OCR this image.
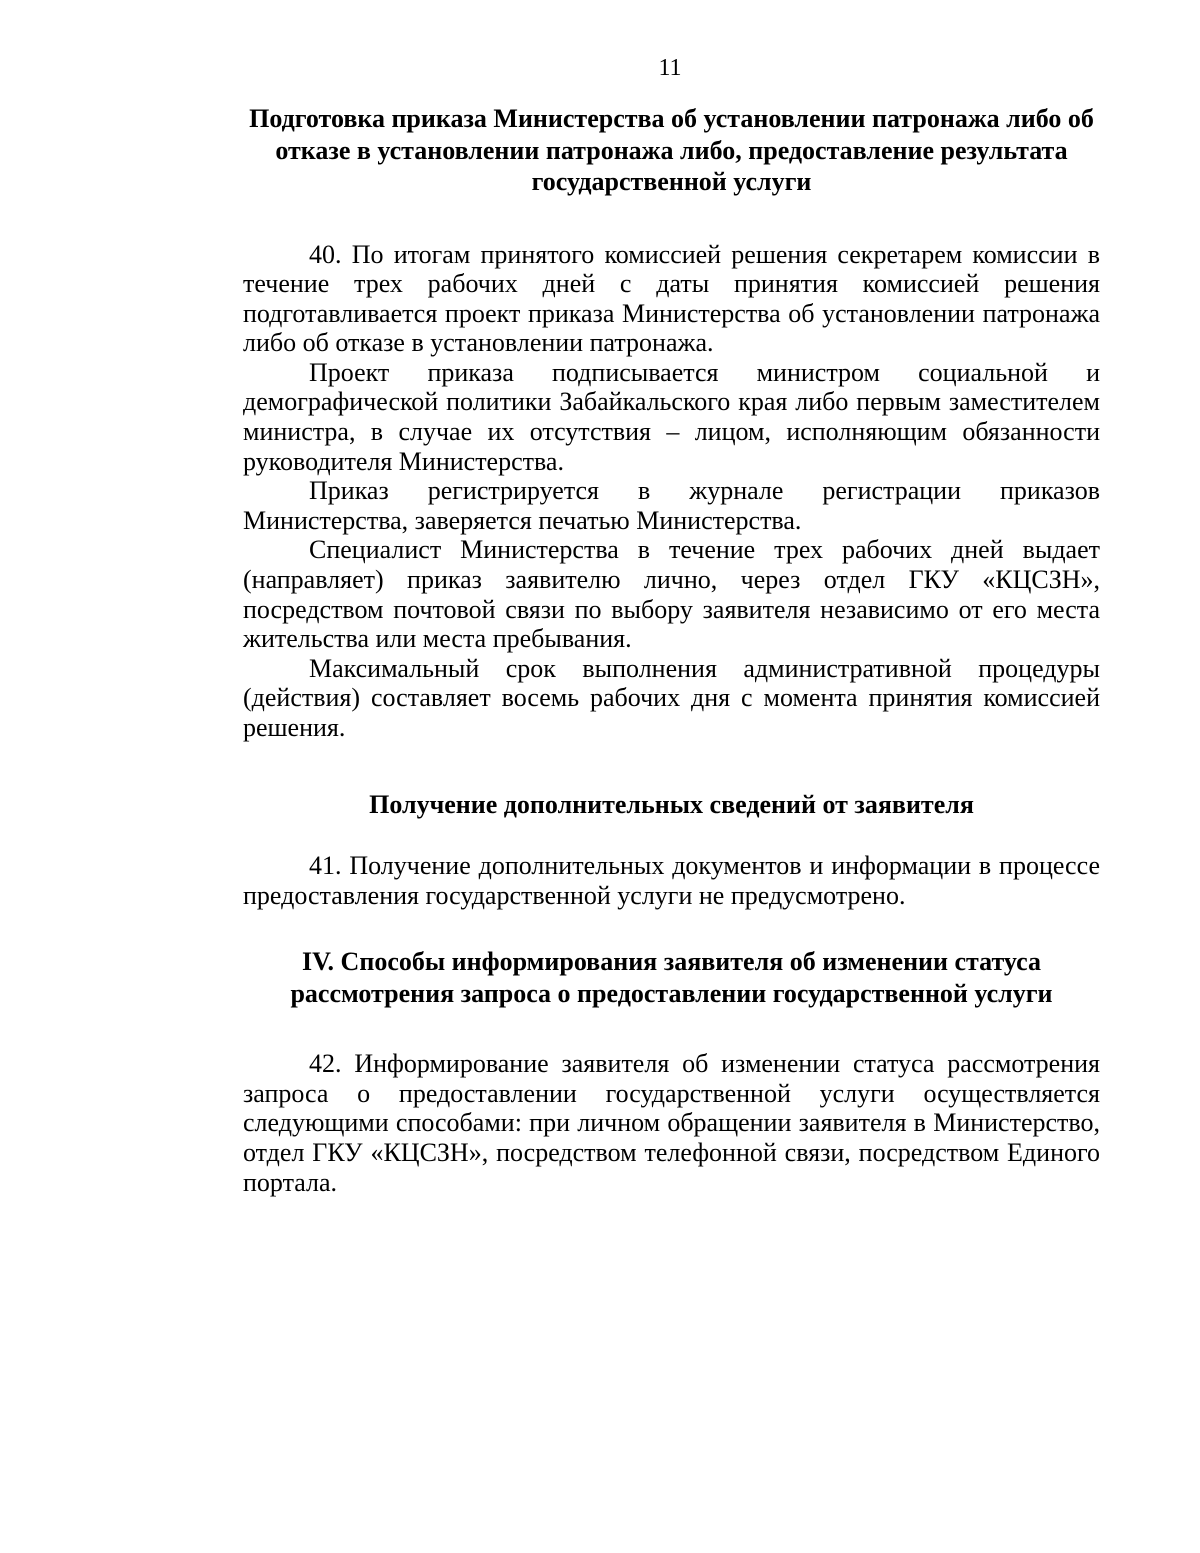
11
Подготовка приказа Министерства об установлении патронажа либо об отказе в установлении патронажа либо, предоставление результата государственной услуги

40. По итогам принятого комиссией решения секретарем комиссии в течение трех рабочих дней с даты принятия комиссией решения подготавливается проект приказа Министерства об установлении патронажа либо об отказе в установлении патронажа.

Проект приказа подписывается министром социальной и демографической политики Забайкальского края либо первым заместителем министра, в случае их отсутствия – лицом, исполняющим обязанности руководителя Министерства.

Приказ регистрируется в журнале регистрации приказов Министерства, заверяется печатью Министерства.

Специалист Министерства в течение трех рабочих дней выдает (направляет) приказ заявителю лично, через отдел ГКУ «КЦСЗН», посредством почтовой связи по выбору заявителя независимо от его места жительства или места пребывания.

Максимальный срок выполнения административной процедуры (действия) составляет восемь рабочих дня с момента принятия комиссией решения.

Получение дополнительных сведений от заявителя

41. Получение дополнительных документов и информации в процессе предоставления государственной услуги не предусмотрено.

IV. Способы информирования заявителя об изменении статуса рассмотрения запроса о предоставлении государственной услуги

42. Информирование заявителя об изменении статуса рассмотрения запроса о предоставлении государственной услуги осуществляется следующими способами: при личном обращении заявителя в Министерство, отдел ГКУ «КЦСЗН», посредством телефонной связи, посредством Единого портала.
